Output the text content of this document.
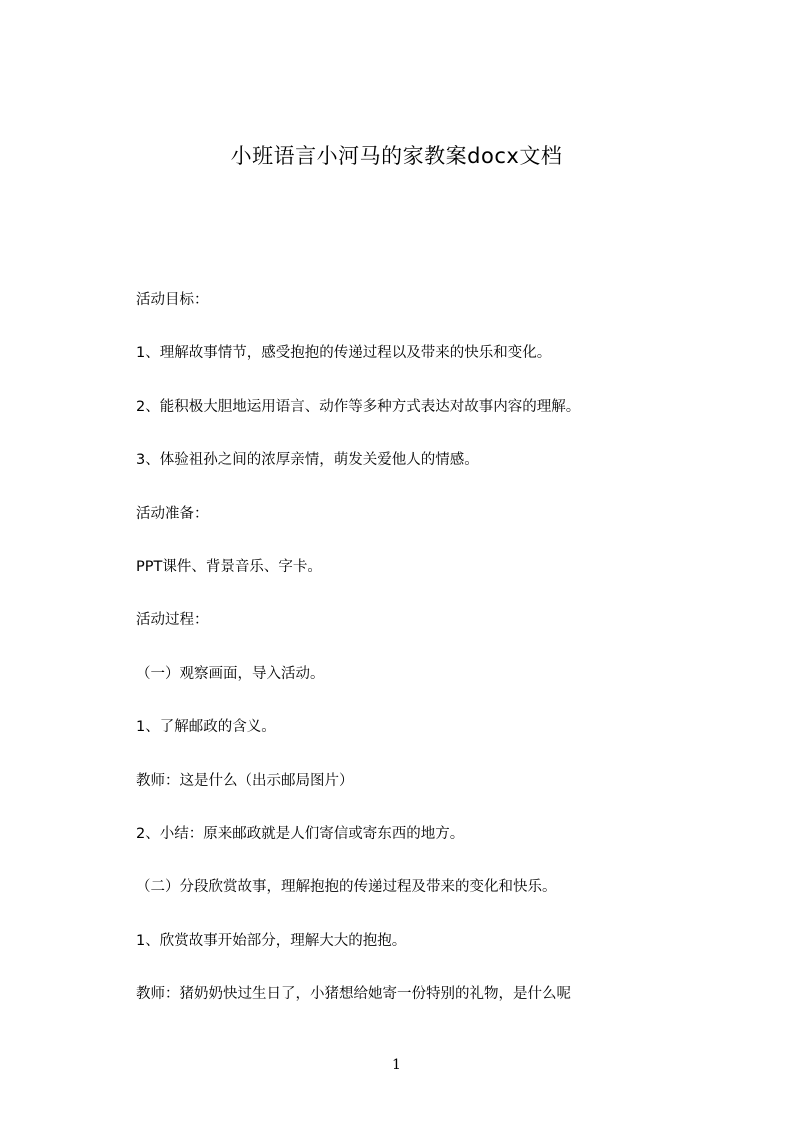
小班语言小河马的家教案docx文档
活动目标：
1、理解故事情节，感受抱抱的传递过程以及带来的快乐和变化。
2、能积极大胆地运用语言、动作等多种方式表达对故事内容的理解。
3、体验祖孙之间的浓厚亲情，萌发关爱他人的情感。
活动准备：
PPT课件、背景音乐、字卡。
活动过程：
（一）观察画面，导入活动。
1、了解邮政的含义。
教师：这是什么（出示邮局图片）
2、小结：原来邮政就是人们寄信或寄东西的地方。
（二）分段欣赏故事，理解抱抱的传递过程及带来的变化和快乐。
1、欣赏故事开始部分，理解大大的抱抱。
教师：猪奶奶快过生日了，小猪想给她寄一份特别的礼物，是什么呢
1
